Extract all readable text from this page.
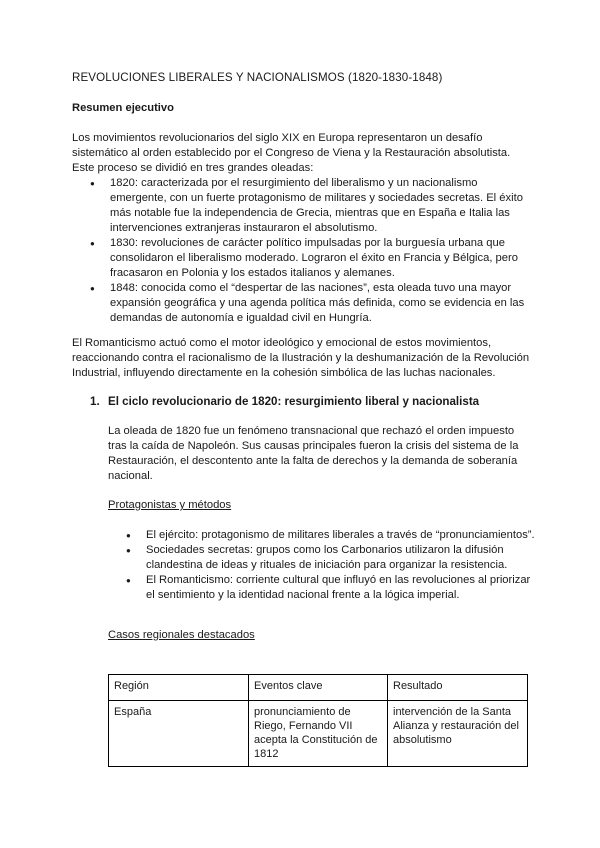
REVOLUCIONES LIBERALES Y NACIONALISMOS (1820-1830-1848)
Resumen ejecutivo
Los movimientos revolucionarios del siglo XIX en Europa representaron un desafío sistemático al orden establecido por el Congreso de Viena y la Restauración absolutista. Este proceso se dividió en tres grandes oleadas:
● 1820: caracterizada por el resurgimiento del liberalismo y un nacionalismo emergente, con un fuerte protagonismo de militares y sociedades secretas. El éxito más notable fue la independencia de Grecia, mientras que en España e Italia las intervenciones extranjeras instauraron el absolutismo.
● 1830: revoluciones de carácter político impulsadas por la burguesía urbana que consolidaron el liberalismo moderado. Lograron el éxito en Francia y Bélgica, pero fracasaron en Polonia y los estados italianos y alemanes.
● 1848: conocida como el “despertar de las naciones”, esta oleada tuvo una mayor expansión geográfica y una agenda política más definida, como se evidencia en las demandas de autonomía e igualdad civil en Hungría.
El Romanticismo actuó como el motor ideológico y emocional de estos movimientos, reaccionando contra el racionalismo de la Ilustración y la deshumanización de la Revolución Industrial, influyendo directamente en la cohesión simbólica de las luchas nacionales.
1. El ciclo revolucionario de 1820: resurgimiento liberal y nacionalista
La oleada de 1820 fue un fenómeno transnacional que rechazó el orden impuesto tras la caída de Napoleón. Sus causas principales fueron la crisis del sistema de la Restauración, el descontento ante la falta de derechos y la demanda de soberanía nacional.
Protagonistas y métodos
● El ejército: protagonismo de militares liberales a través de “pronunciamientos”.
● Sociedades secretas: grupos como los Carbonarios utilizaron la difusión clandestina de ideas y rituales de iniciación para organizar la resistencia.
● El Romanticismo: corriente cultural que influyó en las revoluciones al priorizar el sentimiento y la identidad nacional frente a la lógica imperial.
Casos regionales destacados
Región	Eventos clave	Resultado
España	pronunciamiento de Riego, Fernando VII acepta la Constitución de 1812	intervención de la Santa Alianza y restauración del absolutismo
